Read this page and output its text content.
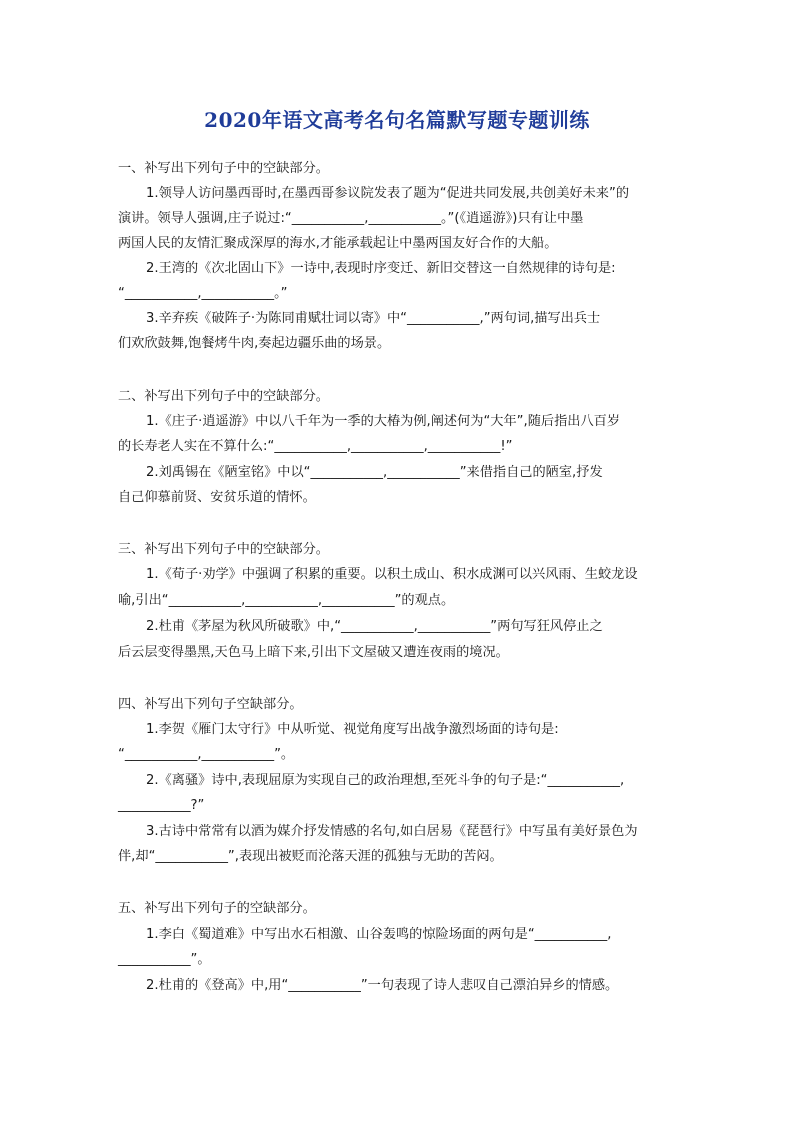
2020年语文高考名句名篇默写题专题训练
一、补写出下列句子中的空缺部分。
1.领导人访问墨西哥时,在墨西哥参议院发表了题为“促进共同发展,共创美好未来”的
演讲。领导人强调,庄子说过:“___________,___________。”(《逍遥游》)只有让中墨
两国人民的友情汇聚成深厚的海水,才能承载起让中墨两国友好合作的大船。
2.王湾的《次北固山下》一诗中,表现时序变迁、新旧交替这一自然规律的诗句是:
“___________,___________。”
3.辛弃疾《破阵子·为陈同甫赋壮词以寄》中“___________,”两句词,描写出兵士
们欢欣鼓舞,饱餐烤牛肉,奏起边疆乐曲的场景。
二、补写出下列句子中的空缺部分。
1.《庄子·逍遥游》中以八千年为一季的大椿为例,阐述何为“大年”,随后指出八百岁
的长寿老人实在不算什么:“___________,___________,___________!”
2.刘禹锡在《陋室铭》中以“___________,___________”来借指自己的陋室,抒发
自己仰慕前贤、安贫乐道的情怀。
三、补写出下列句子中的空缺部分。
1.《荀子·劝学》中强调了积累的重要。以积土成山、积水成渊可以兴风雨、生蛟龙设
喻,引出“___________,___________,___________”的观点。
2.杜甫《茅屋为秋风所破歌》中,“___________,___________”两句写狂风停止之
后云层变得墨黑,天色马上暗下来,引出下文屋破又遭连夜雨的境况。
四、补写出下列句子空缺部分。
1.李贺《雁门太守行》中从听觉、视觉角度写出战争激烈场面的诗句是:
“___________,___________”。
2.《离骚》诗中,表现屈原为实现自己的政治理想,至死斗争的句子是:“___________,
___________?”
3.古诗中常常有以酒为媒介抒发情感的名句,如白居易《琵琶行》中写虽有美好景色为
伴,却“___________”,表现出被贬而沦落天涯的孤独与无助的苦闷。
五、补写出下列句子的空缺部分。
1.李白《蜀道难》中写出水石相激、山谷轰鸣的惊险场面的两句是“___________,
___________”。
2.杜甫的《登高》中,用“___________”一句表现了诗人悲叹自己漂泊异乡的情感。
